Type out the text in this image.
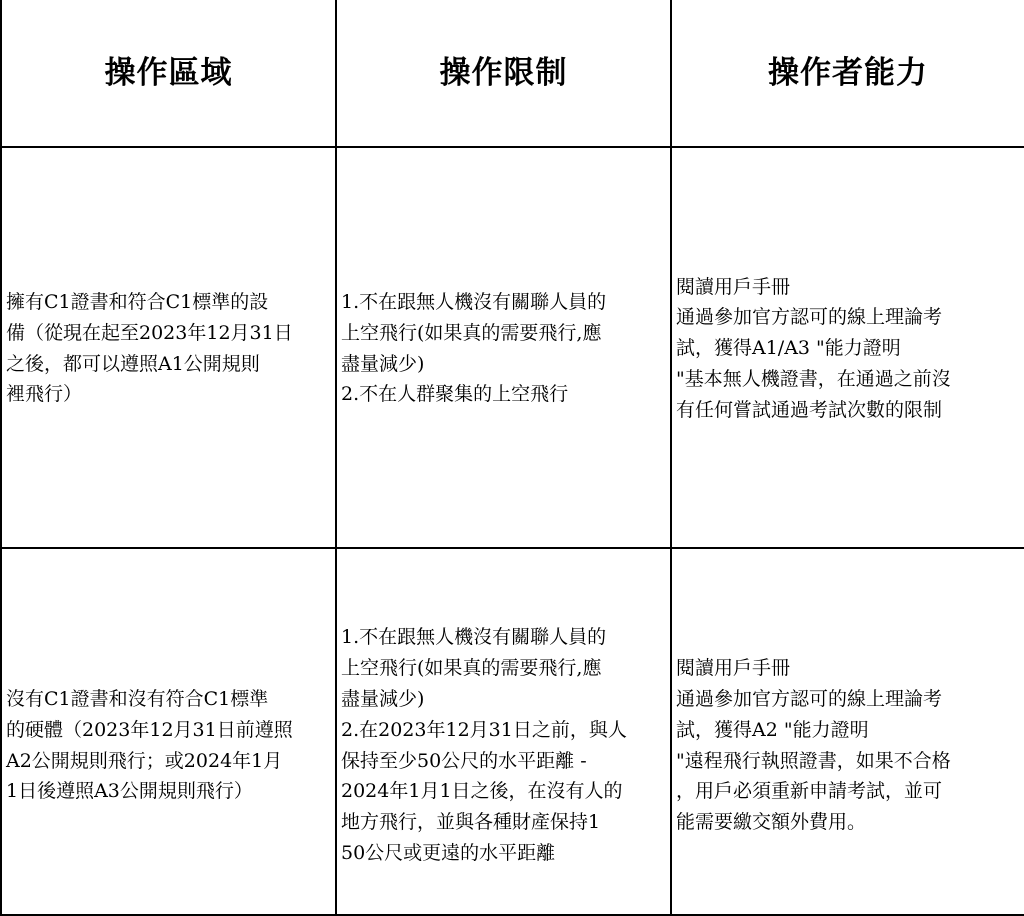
操作區域	操作限制	操作者能力
擁有C1證書和符合C1標準的設
備（從現在起至2023年12月31日
之後，都可以遵照A1公開規則
裡飛行）
1.不在跟無人機沒有關聯人員的
上空飛行(如果真的需要飛行,應
盡量減少)
2.不在人群聚集的上空飛行
閱讀用戶手冊
通過參加官方認可的線上理論考
試，獲得A1/A3 "能力證明
"基本無人機證書，在通過之前沒
有任何嘗試通過考試次數的限制
沒有C1證書和沒有符合C1標準
的硬體（2023年12月31日前遵照
A2公開規則飛行；或2024年1月
1日後遵照A3公開規則飛行）
1.不在跟無人機沒有關聯人員的
上空飛行(如果真的需要飛行,應
盡量減少)
2.在2023年12月31日之前，與人
保持至少50公尺的水平距離 -
2024年1月1日之後，在沒有人的
地方飛行，並與各種財產保持1
50公尺或更遠的水平距離
閱讀用戶手冊
通過參加官方認可的線上理論考
試，獲得A2 "能力證明
"遠程飛行執照證書，如果不合格
，用戶必須重新申請考試，並可
能需要繳交額外費用。
